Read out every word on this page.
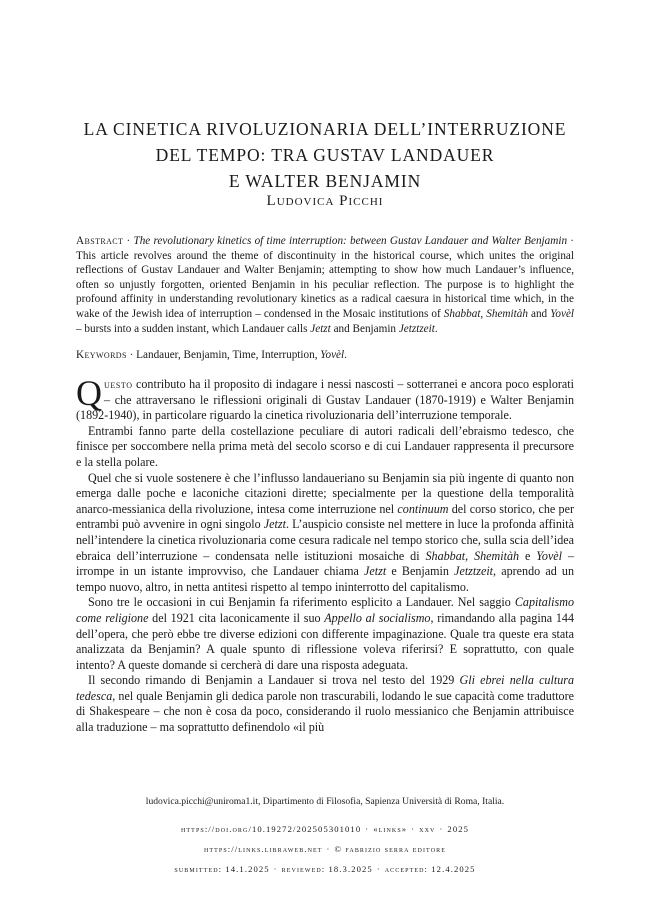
LA CINETICA RIVOLUZIONARIA DELL’INTERRUZIONE
DEL TEMPO: TRA GUSTAV LANDAUER
E WALTER BENJAMIN
Ludovica Picchi
Abstract · The revolutionary kinetics of time interruption: between Gustav Landauer and Walter Benjamin · This article revolves around the theme of discontinuity in the historical course, which unites the original reflections of Gustav Landauer and Walter Benjamin; attempting to show how much Landauer’s influence, often so unjustly forgotten, oriented Benjamin in his peculiar reflection. The purpose is to highlight the profound affinity in understanding revolutionary kinetics as a radical caesura in historical time which, in the wake of the Jewish idea of interruption – condensed in the Mosaic institutions of Shabbat, Shemitàh and Yovèl – bursts into a sudden instant, which Landauer calls Jetzt and Benjamin Jetztzeit.
Keywords · Landauer, Benjamin, Time, Interruption, Yovèl.

Questo contributo ha il proposito di indagare i nessi nascosti – sotterranei e ancora poco esplorati – che attraversano le riflessioni originali di Gustav Landauer (1870-1919) e Walter Benjamin (1892-1940), in particolare riguardo la cinetica rivoluzionaria dell’interruzione temporale.

Entrambi fanno parte della costellazione peculiare di autori radicali dell’ebraismo tedesco, che finisce per soccombere nella prima metà del secolo scorso e di cui Landauer rappresenta il precursore e la stella polare.

Quel che si vuole sostenere è che l’influsso landaueriano su Benjamin sia più ingente di quanto non emerga dalle poche e laconiche citazioni dirette; specialmente per la questione della temporalità anarco-messianica della rivoluzione, intesa come interruzione nel continuum del corso storico, che per entrambi può avvenire in ogni singolo Jetzt. L’auspicio consiste nel mettere in luce la profonda affinità nell’intendere la cinetica rivoluzionaria come cesura radicale nel tempo storico che, sulla scia dell’idea ebraica dell’interruzione – condensata nelle istituzioni mosaiche di Shabbat, Shemitàh e Yovèl – irrompe in un istante improvviso, che Landauer chiama Jetzt e Benjamin Jetztzeit, aprendo ad un tempo nuovo, altro, in netta antitesi rispetto al tempo ininterrotto del capitalismo.

Sono tre le occasioni in cui Benjamin fa riferimento esplicito a Landauer. Nel saggio Capitalismo come religione del 1921 cita laconicamente il suo Appello al socialismo, rimandando alla pagina 144 dell’opera, che però ebbe tre diverse edizioni con differente impaginazione. Quale tra queste era stata analizzata da Benjamin? A quale spunto di riflessione voleva riferirsi? E soprattutto, con quale intento? A queste domande si cercherà di dare una risposta adeguata.

Il secondo rimando di Benjamin a Landauer si trova nel testo del 1929 Gli ebrei nella cultura tedesca, nel quale Benjamin gli dedica parole non trascurabili, lodando le sue capacità come traduttore di Shakespeare – che non è cosa da poco, considerando il ruolo messianico che Benjamin attribuisce alla traduzione – ma soprattutto definendolo «il più

ludovica.picchi@uniroma1.it, Dipartimento di Filosofia, Sapienza Università di Roma, Italia.
https://doi.org/10.19272/202505301010 · «links» · xxv · 2025
https://links.libraweb.net · © fabrizio serra editore
submitted: 14.1.2025 · reviewed: 18.3.2025 · accepted: 12.4.2025
